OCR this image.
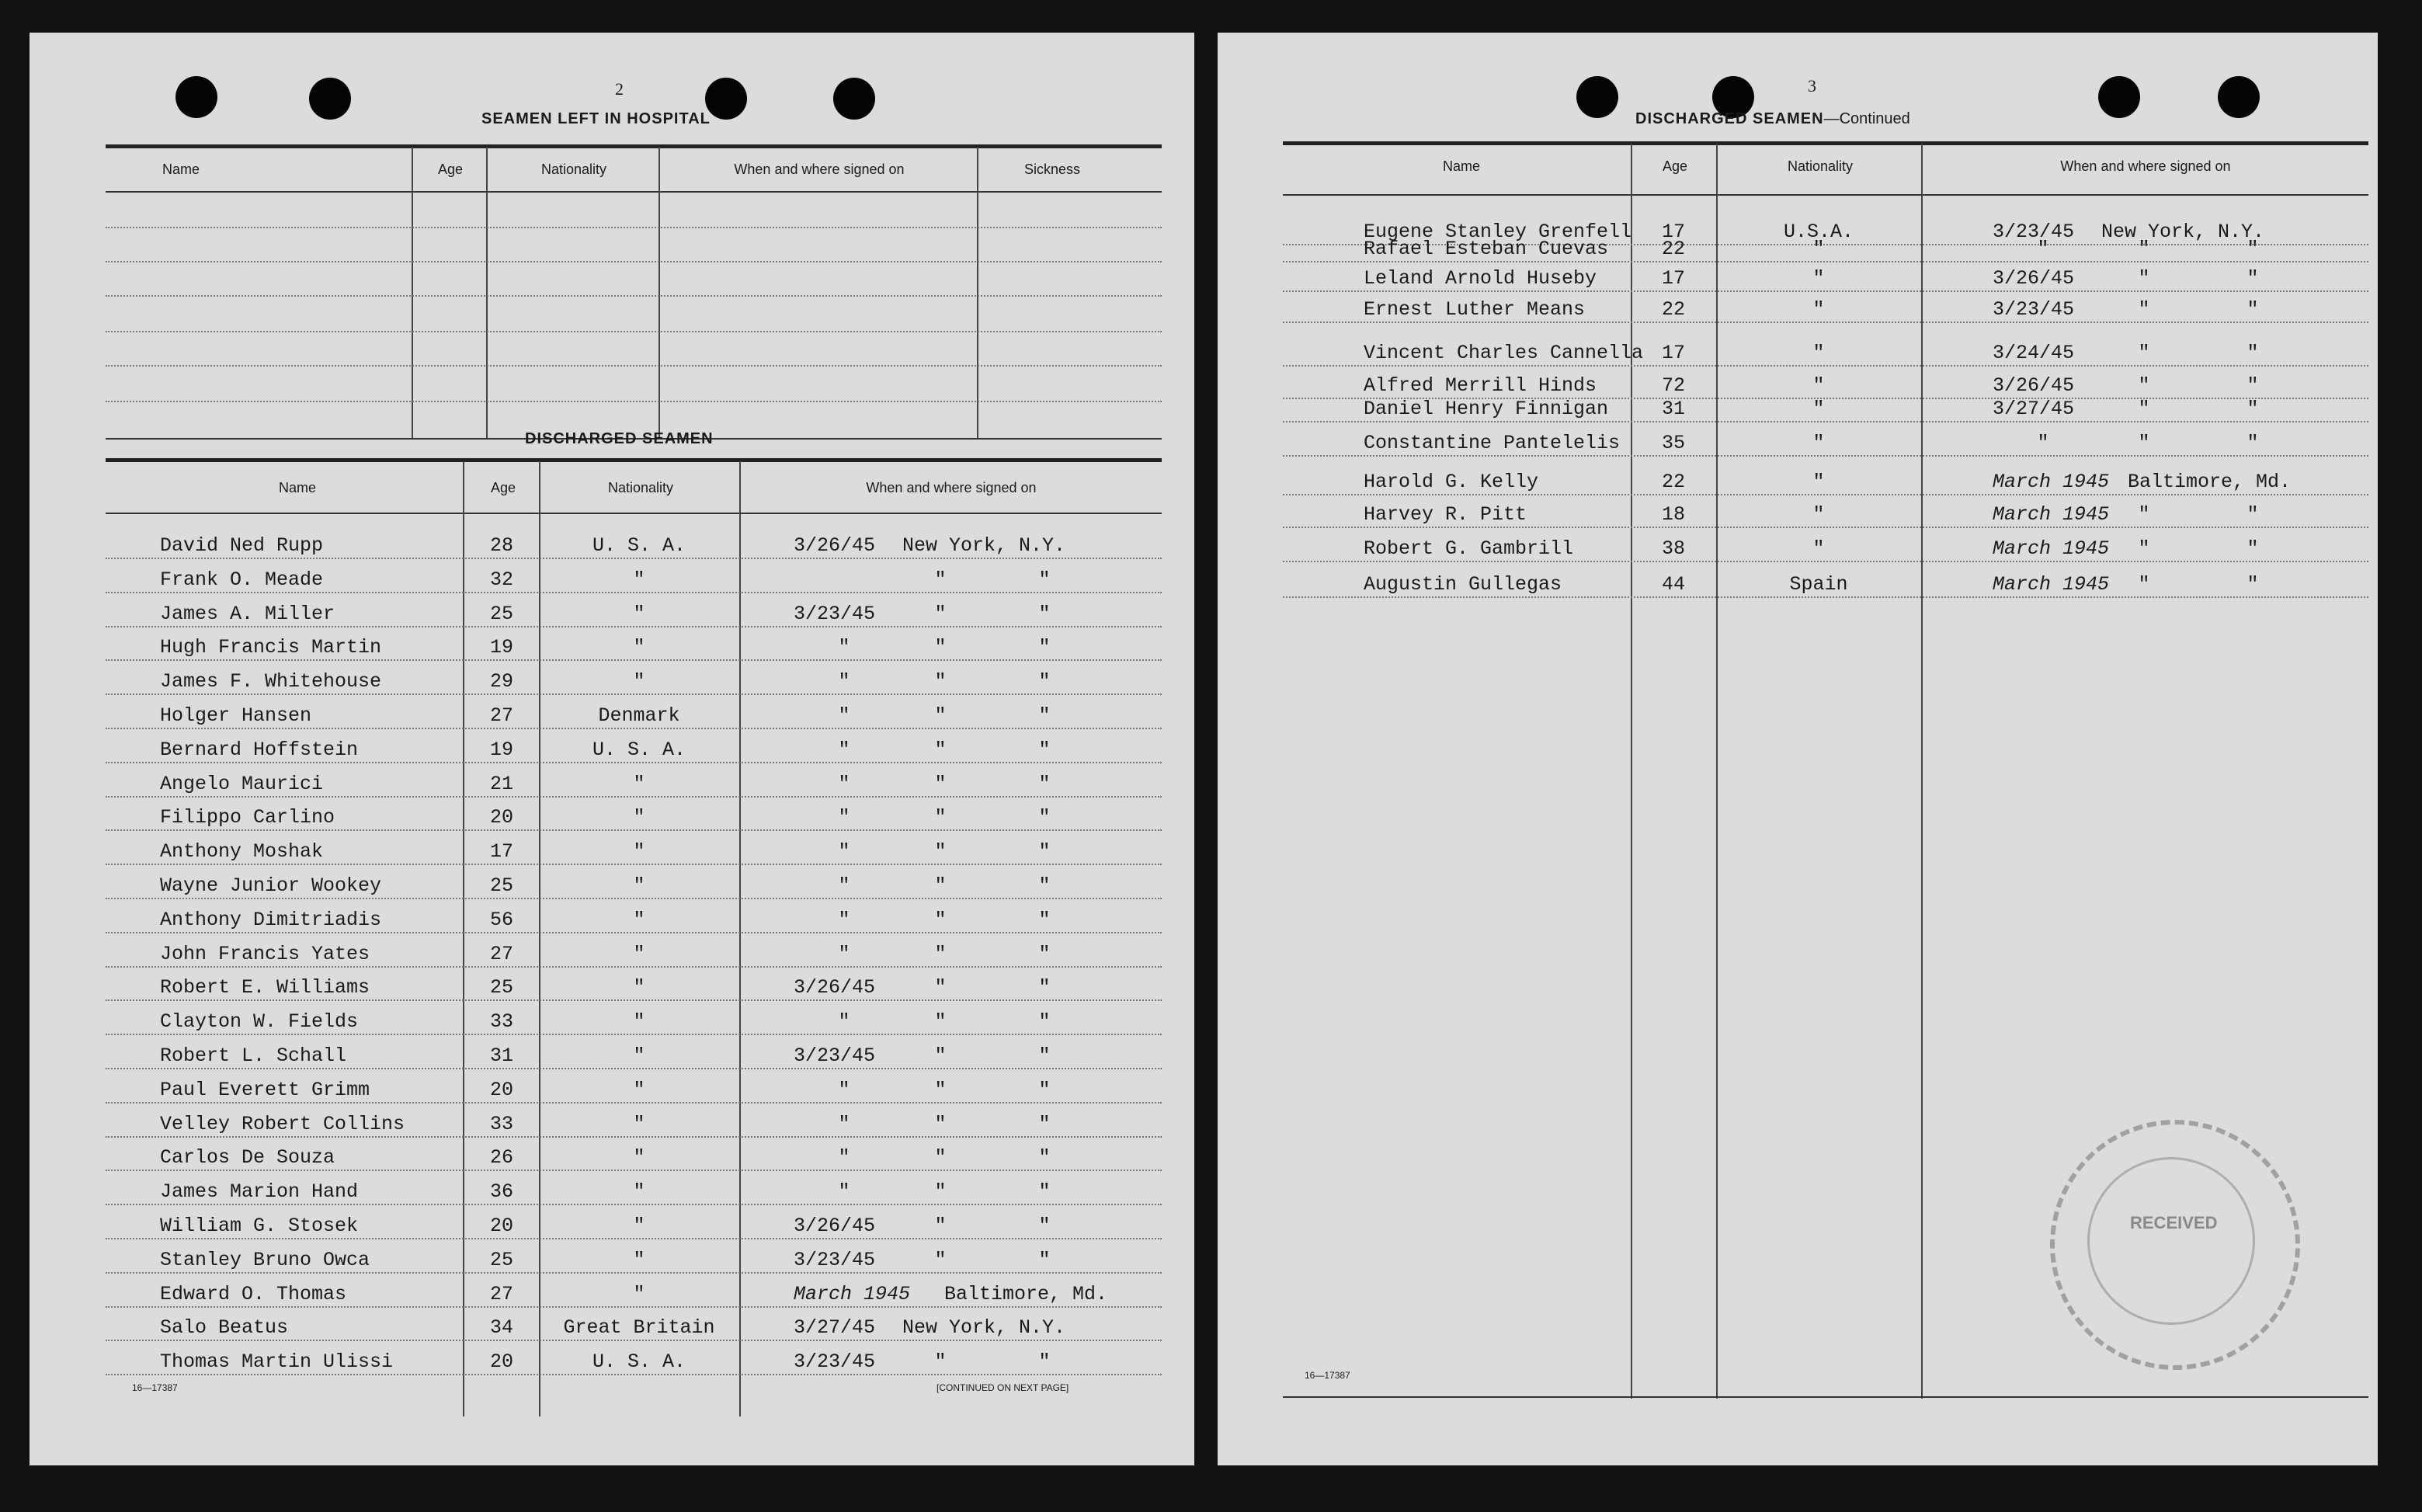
2
SEAMEN LEFT IN HOSPITAL
Name	Age	Nationality	When and where signed on	Sickness
DISCHARGED SEAMEN
Name	Age	Nationality	When and where signed on
David Ned Rupp	28	U. S. A.	3/26/45 New York, N.Y.
Frank O. Meade	32	"	"	"
James A. Miller	25	"	3/23/45	"	"
Hugh Francis Martin	19	"	"	"	"
James F. Whitehouse	29	"	"	"	"
Holger Hansen	27	Denmark	"	"	"
Bernard Hoffstein	19	U. S. A.	"	"	"
Angelo Maurici	21	"	"	"	"
Filippo Carlino	20	"	"	"	"
Anthony Moshak	17	"	"	"	"
Wayne Junior Wookey	25	"	"	"	"
Anthony Dimitriadis	56	"	"	"	"
John Francis Yates	27	"	"	"	"
Robert E. Williams	25	"	3/26/45	"	"
Clayton W. Fields	33	"	"	"	"
Robert L. Schall	31	"	3/23/45	"	"
Paul Everett Grimm	20	"	"	"	"
Velley Robert Collins	33	"	"	"	"
Carlos De Souza	26	"	"	"	"
James Marion Hand	36	"	"	"	"
William G. Stosek	20	"	3/26/45	"	"
Stanley Bruno Owca	25	"	3/23/45	"	"
Edward O. Thomas	27	"	March 1945 Baltimore, Md.
Salo Beatus	34	Great Britain	3/27/45 New York, N.Y.
Thomas Martin Ulissi	20	U. S. A.	3/23/45	"	"
16—17387	[CONTINUED ON NEXT PAGE]
3
DISCHARGED SEAMEN—Continued
Name	Age	Nationality	When and where signed on
Eugene Stanley Grenfell	17	U.S.A.	3/23/45 New York, N.Y.
Rafael Esteban Cuevas	22	"	"	"	"
Leland Arnold Huseby	17	"	3/26/45	"	"
Ernest Luther Means	22	"	3/23/45	"	"
Vincent Charles Cannella 17	"	3/24/45	"	"
Alfred Merrill Hinds	72	"	3/26/45	"	"
Daniel Henry Finnigan	31	"	3/27/45	"	"
Constantine Pantelelis	35	"	"	"	"
Harold G. Kelly	22	"	March 1945 Baltimore, Md.
Harvey R. Pitt	18	"	March 1945 "	"
Robert G. Gambrill	38	"	March 1945 "	"
Augustin Gullegas	44	Spain	March 1945 "	"
RECEIVED
16—17387
